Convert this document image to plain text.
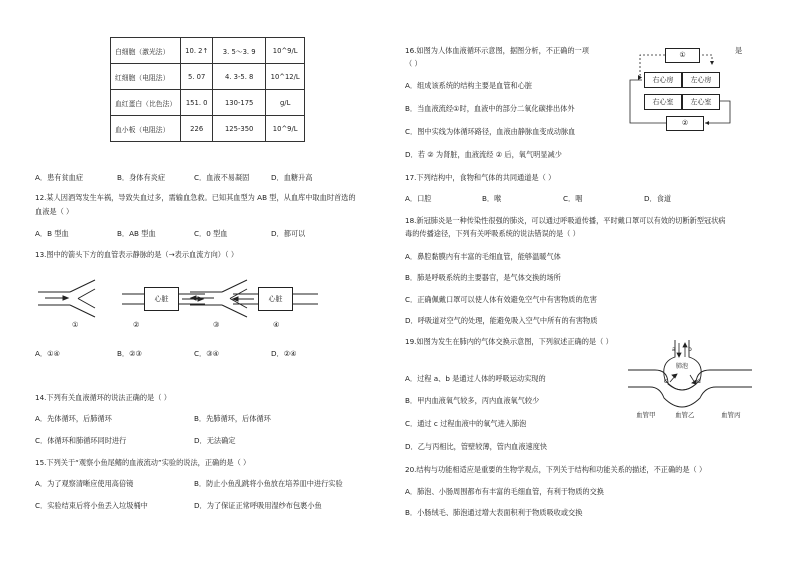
白细胞（激光法）	10. 2↑	3. 5～3. 9	10^9/L
红细胞（电阻法）	5. 07	4. 3-5. 8	10^12/L
血红蛋白（比色法）	151. 0	130-175	g/L
血小板（电阻法）	226	125-350	10^9/L
A．患有贫血症	B．身体有炎症	C．血液不易凝固	D．血糖升高
12.某人因酒驾发生车祸，导致失血过多，需输血急救。已知其血型为 AB 型，从血库中取血时首选的
血液是（ ）
A．B 型血	B．AB 型血	C．0 型血	D．都可以
13.图中的箭头下方的血管表示静脉的是（→表示血流方向）（ ）
心脏	心脏
①	②	③	④
A．①④	B．②③	C．③④	D．②④
14.下列有关血液循环的说法正确的是（ ）
A．先体循环，后肺循环	B．先肺循环，后体循环
C．体循环和肺循环同时进行	D．无法确定
15.下列关于“观察小鱼尾鳍的血液流动”实验的说法，正确的是（ ）
A．为了观察清晰应使用高倍镜	B．防止小鱼乱跳将小鱼放在培养皿中进行实验
C．实验结束后将小鱼丢入垃圾桶中	D．为了保证正常呼吸用湿纱布包裹小鱼
16.如图为人体血液循环示意图，据图分析，不正确的一项	是
（ ）
①
右心房	左心房
右心室	左心室
②
A．组成该系统的结构主要是血管和心脏
B．当血液流经①时，血液中的部分二氧化碳排出体外
C．图中实线为体循环路径，血液由静脉血变成动脉血
D．若 ② 为肾脏，血液流经 ② 后，氧气明显减少
17.下列结构中，食物和气体的共同通道是（ ）
A．口腔	B．喉	C．咽	D．食道
18.新冠肺炎是一种传染性很强的肺炎，可以通过呼吸道传播，平时戴口罩可以有效的切断新型冠状病
毒的传播途径，下列有关呼吸系统的说法错误的是（ ）
A．鼻腔黏膜内有丰富的毛细血管，能够温暖气体
B．肺是呼吸系统的主要器官，是气体交换的场所
C．正确佩戴口罩可以使人体有效避免空气中有害物质的危害
D．呼吸道对空气的处理，能避免吸入空气中所有的有害物质
19.如图为发生在肺内的气体交换示意图，下列叙述正确的是（ ）
a b
肺泡
c	d
血管甲	血管乙	血管丙
A．过程 a、b 是通过人体的呼吸运动实现的
B．甲内血液氧气较多，丙内血液氧气较少
C．通过 c 过程血液中的氧气进入肺泡
D．乙与丙相比，管壁较薄，管内血液速度快
20.结构与功能相适应是重要的生物学观点，下列关于结构和功能关系的描述，不正确的是（ ）
A．肺泡、小肠周围都布有丰富的毛细血管，有利于物质的交换
B．小肠绒毛、肺泡通过增大表面积利于物质吸收或交换
